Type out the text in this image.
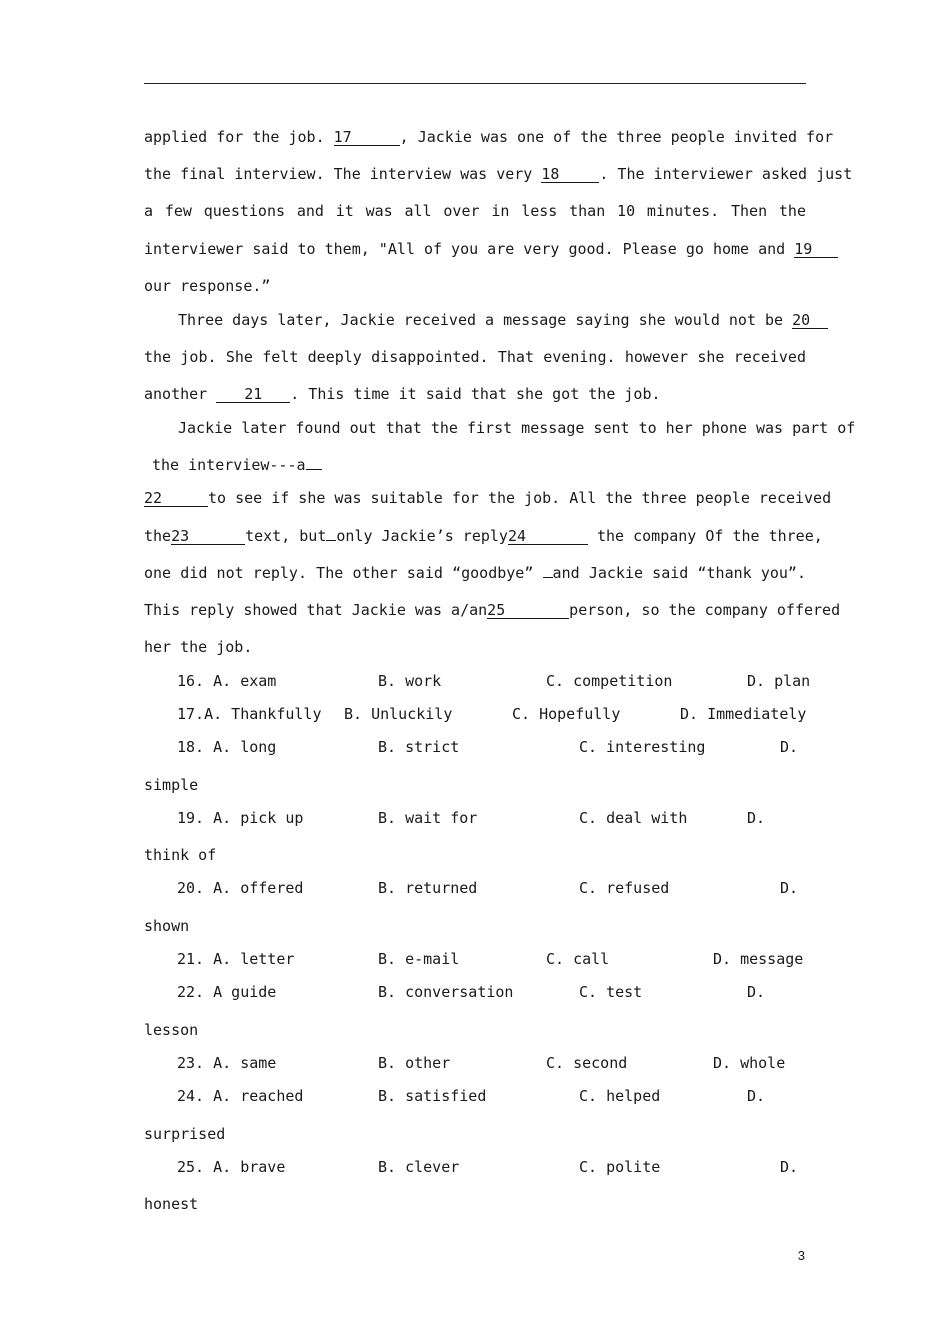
applied for the job. 17	, Jackie was one of the three people invited for
the final interview. The interview was very 18	. The interviewer asked just
a few questions and it was all over in less than 10 minutes. Then the
interviewer said to them, "All of you are very good. Please go home and 19
our response.”
Three days later, Jackie received a message saying she would not be 20
the job. She felt deeply disappointed. That evening. however she received
another 21 . This time it said that she got the job.
Jackie later found out that the first message sent to her phone was part of
the interview---a
22	to see if she was suitable for the job. All the three people received
the23	text, but only Jackie’s reply24	the company Of the three,
one did not reply. The other said “goodbye” and Jackie said “thank you”.
This reply showed that Jackie was a/an25	person, so the company offered
her the job.
16. A. exam	B. work	C. competition	D. plan
17.A. Thankfully B. Unluckily	C. Hopefully	D. Immediately
18. A. long	B. strict	C. interesting	D.
simple
19. A. pick up	B. wait for	C. deal with	D.
think of
20. A. offered	B. returned	C. refused	D.
shown
21. A. letter	B. e-mail	C. call	D. message
22. A guide	B. conversation	C. test	D.
lesson
23. A. same	B. other	C. second	D. whole
24. A. reached	B. satisfied	C. helped	D.
surprised
25. A. brave	B. clever	C. polite	D.
honest
3
